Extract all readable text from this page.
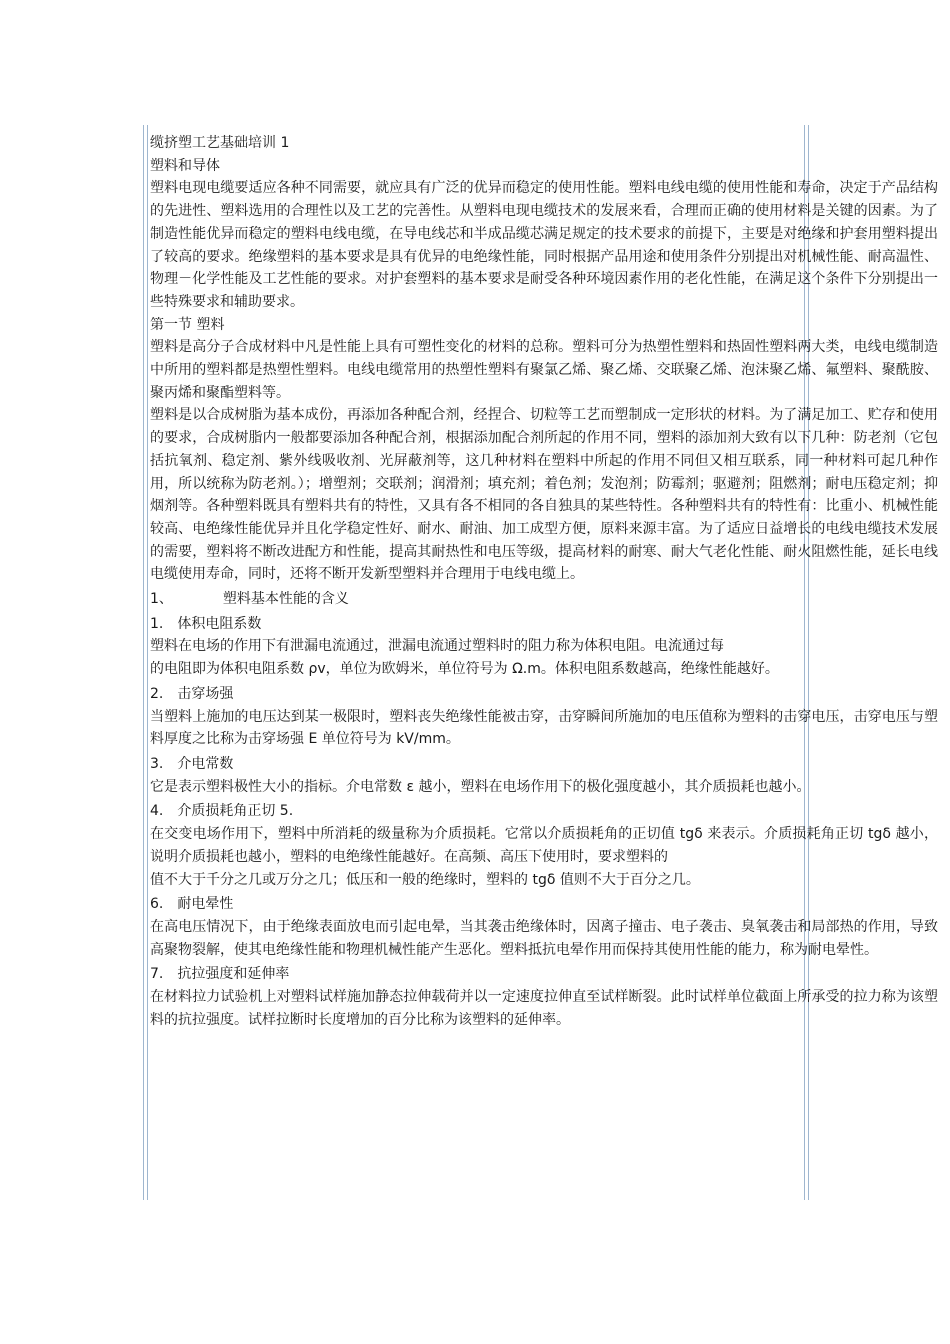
缆挤塑工艺基础培训 1

塑料和导体

塑料电现电缆要适应各种不同需要，就应具有广泛的优异而稳定的使用性能。塑料电线电缆的使用性能和寿命，决定于产品结构的先进性、塑料选用的合理性以及工艺的完善性。从塑料电现电缆技术的发展来看，合理而正确的使用材料是关键的因素。为了制造性能优异而稳定的塑料电线电缆，在导电线芯和半成品缆芯满足规定的技术要求的前提下，主要是对绝缘和护套用塑料提出了较高的要求。绝缘塑料的基本要求是具有优异的电绝缘性能，同时根据产品用途和使用条件分别提出对机械性能、耐高温性、物理－化学性能及工艺性能的要求。对护套塑料的基本要求是耐受各种环境因素作用的老化性能，在满足这个条件下分别提出一些特殊要求和辅助要求。

第一节 塑料

塑料是高分子合成材料中凡是性能上具有可塑性变化的材料的总称。塑料可分为热塑性塑料和热固性塑料两大类，电线电缆制造中所用的塑料都是热塑性塑料。电线电缆常用的热塑性塑料有聚氯乙烯、聚乙烯、交联聚乙烯、泡沫聚乙烯、氟塑料、聚酰胺、聚丙烯和聚酯塑料等。

塑料是以合成树脂为基本成份，再添加各种配合剂，经捏合、切粒等工艺而塑制成一定形状的材料。为了满足加工、贮存和使用的要求，合成树脂内一般都要添加各种配合剂，根据添加配合剂所起的作用不同，塑料的添加剂大致有以下几种：防老剂（它包括抗氧剂、稳定剂、紫外线吸收剂、光屏蔽剂等，这几种材料在塑料中所起的作用不同但又相互联系，同一种材料可起几种作用，所以统称为防老剂。）；增塑剂；交联剂；润滑剂；填充剂；着色剂；发泡剂；防霉剂；驱避剂；阻燃剂；耐电压稳定剂；抑烟剂等。各种塑料既具有塑料共有的特性，又具有各不相同的各自独具的某些特性。各种塑料共有的特性有：比重小、机械性能较高、电绝缘性能优异并且化学稳定性好、耐水、耐油、加工成型方便，原料来源丰富。为了适应日益增长的电线电缆技术发展的需要，塑料将不断改进配方和性能，提高其耐热性和电压等级，提高材料的耐寒、耐大气老化性能、耐火阻燃性能，延长电线电缆使用寿命，同时，还将不断开发新型塑料并合理用于电线电缆上。

1、	塑料基本性能的含义

1. 体积电阻系数

塑料在电场的作用下有泄漏电流通过，泄漏电流通过塑料时的阻力称为体积电阻。电流通过每

的电阻即为体积电阻系数 ρv，单位为欧姆米，单位符号为 Ω.m。体积电阻系数越高，绝缘性能越好。

2. 击穿场强

当塑料上施加的电压达到某一极限时，塑料丧失绝缘性能被击穿，击穿瞬间所施加的电压值称为塑料的击穿电压，击穿电压与塑料厚度之比称为击穿场强 E 单位符号为 kV/mm。

3. 介电常数

它是表示塑料极性大小的指标。介电常数 ε 越小，塑料在电场作用下的极化强度越小，其介质损耗也越小。

4. 介质损耗角正切 5.

在交变电场作用下，塑料中所消耗的级量称为介质损耗。它常以介质损耗角的正切值 tgδ 来表示。介质损耗角正切 tgδ 越小，说明介质损耗也越小，塑料的电绝缘性能越好。在高频、高压下使用时，要求塑料的

值不大于千分之几或万分之几；低压和一般的绝缘时，塑料的 tgδ 值则不大于百分之几。

6. 耐电晕性

在高电压情况下，由于绝缘表面放电而引起电晕，当其袭击绝缘体时，因离子撞击、电子袭击、臭氧袭击和局部热的作用，导致高聚物裂解，使其电绝缘性能和物理机械性能产生恶化。塑料抵抗电晕作用而保持其使用性能的能力，称为耐电晕性。

7. 抗拉强度和延伸率

在材料拉力试验机上对塑料试样施加静态拉伸载荷并以一定速度拉伸直至试样断裂。此时试样单位截面上所承受的拉力称为该塑料的抗拉强度。试样拉断时长度增加的百分比称为该塑料的延伸率。
